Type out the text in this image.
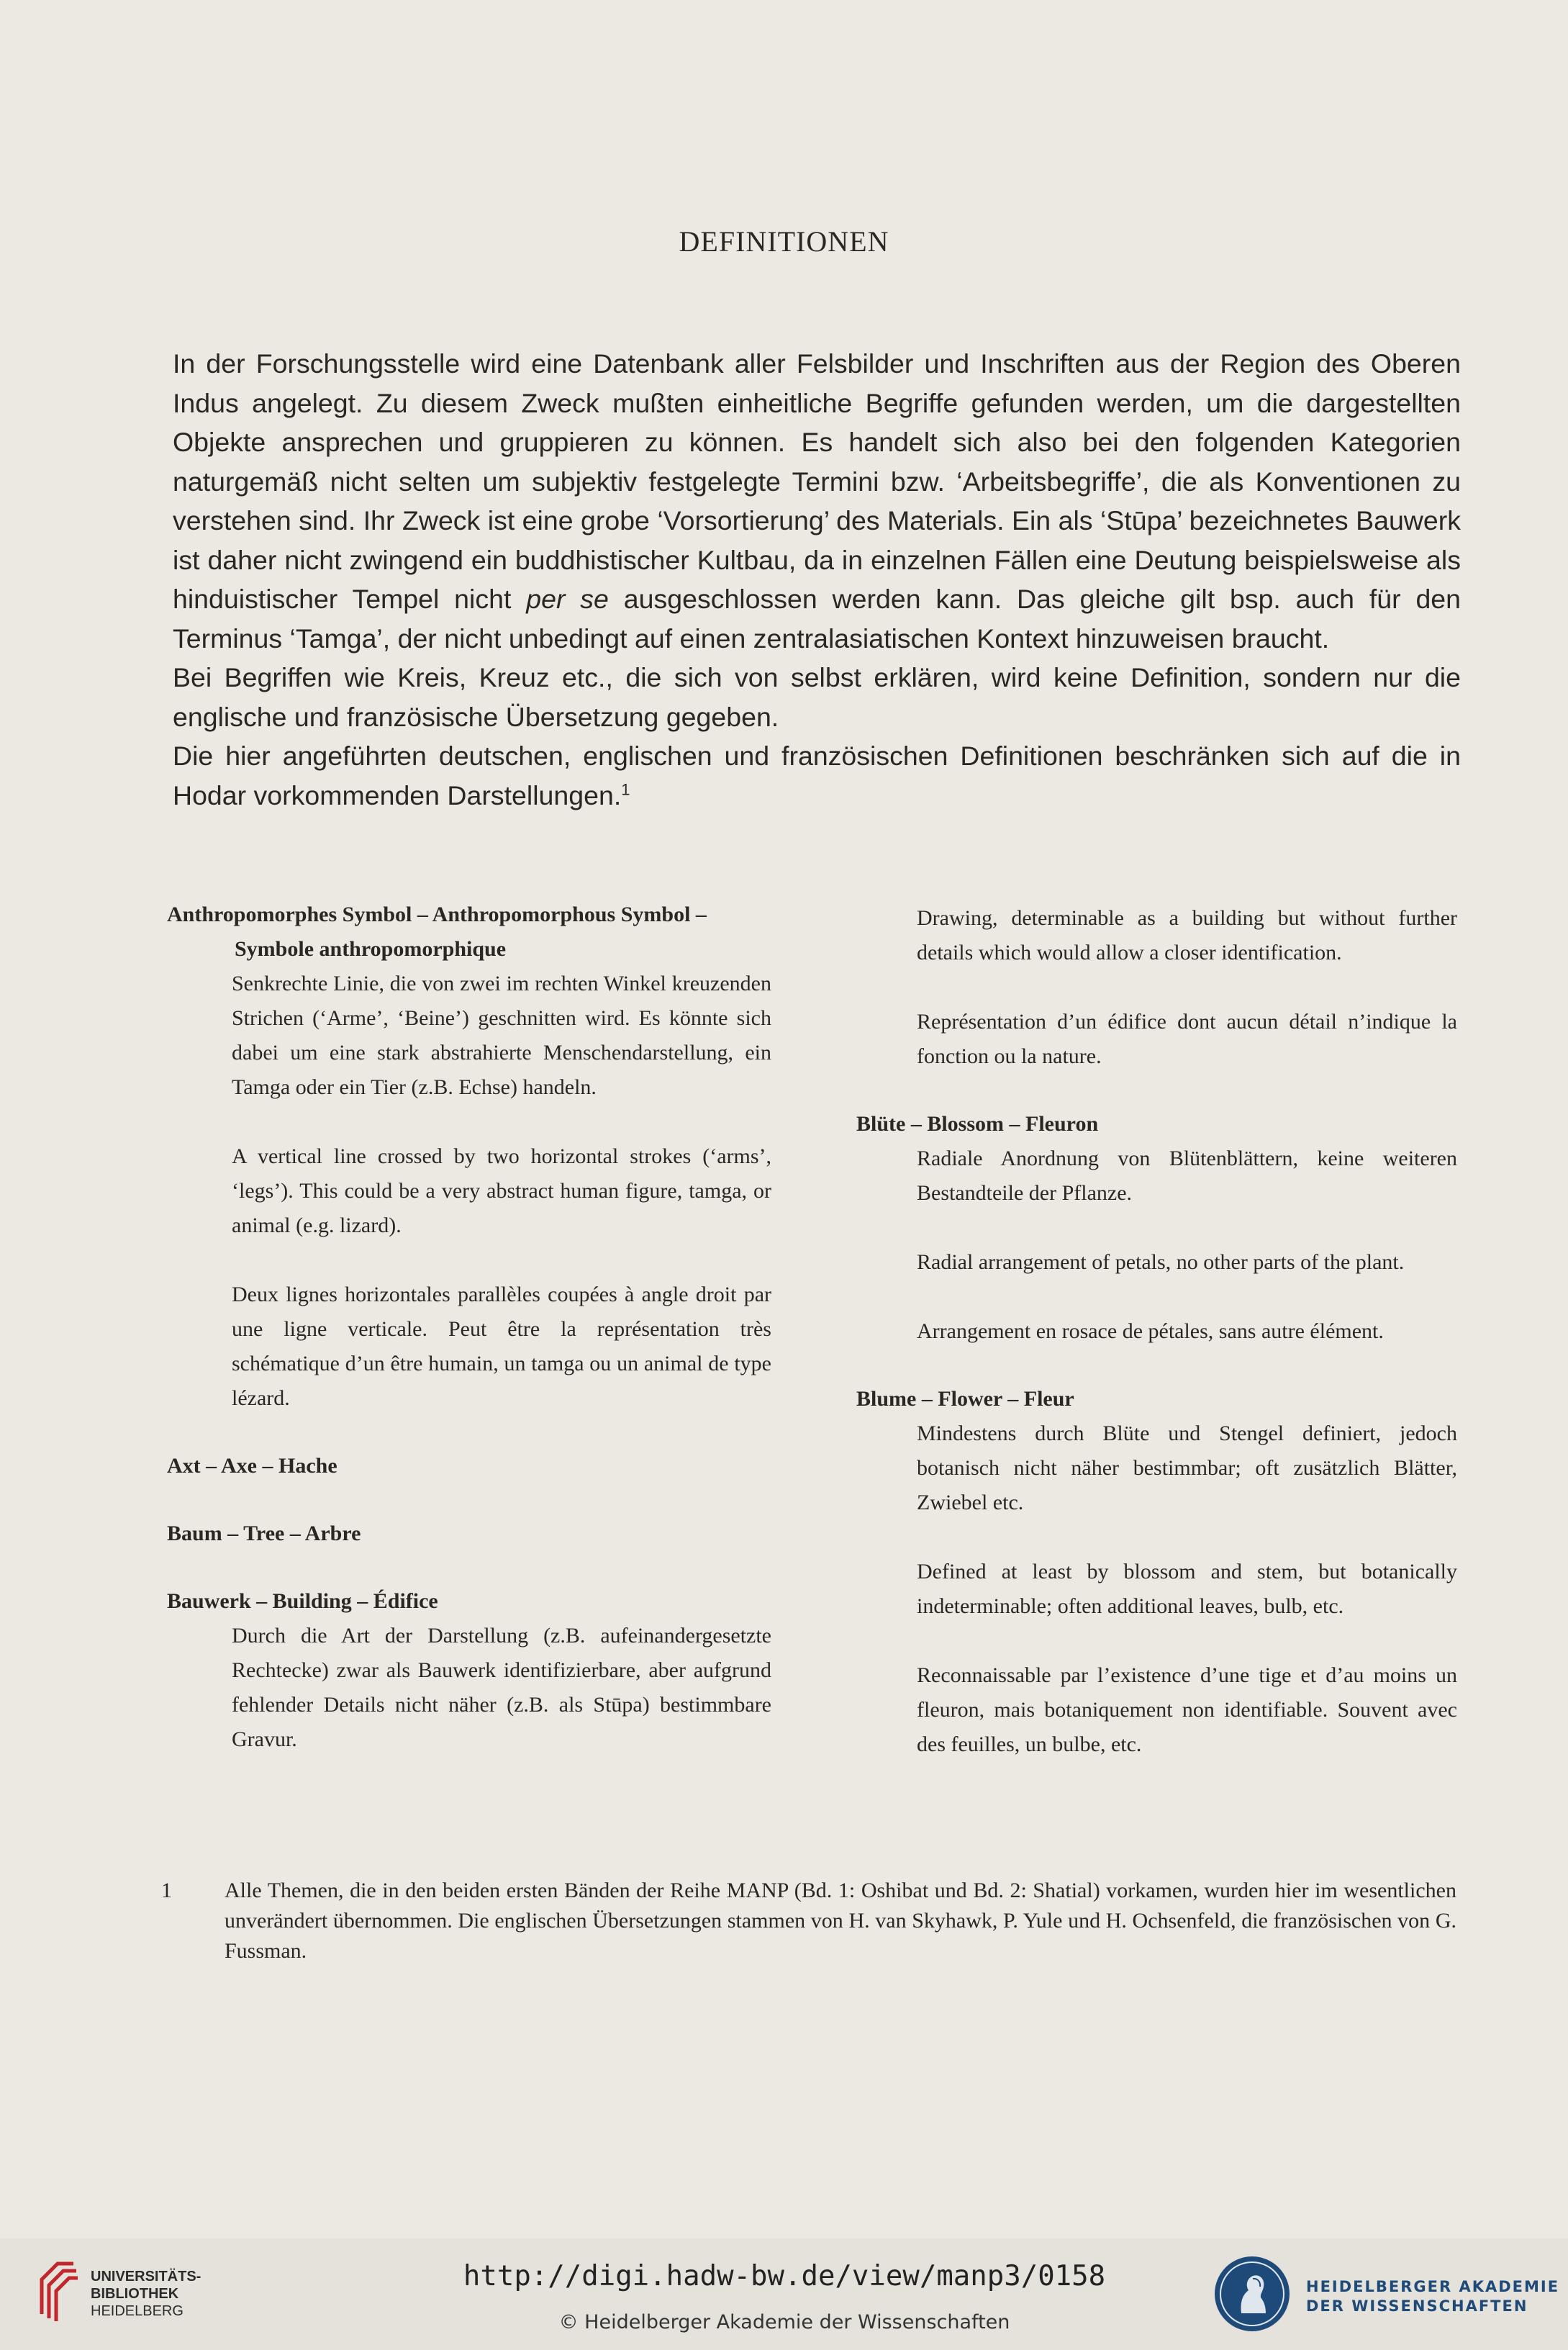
DEFINITIONEN

In der Forschungsstelle wird eine Datenbank aller Felsbilder und Inschriften aus der Region des Oberen Indus angelegt. Zu diesem Zweck mußten einheitliche Begriffe gefunden werden, um die dargestellten Objekte ansprechen und gruppieren zu können. Es handelt sich also bei den folgenden Kategorien naturgemäß nicht selten um subjektiv festgelegte Termini bzw. ‘Arbeitsbegriffe’, die als Konventionen zu verstehen sind. Ihr Zweck ist eine grobe ‘Vorsortierung’ des Materials. Ein als ‘Stūpa’ bezeichnetes Bauwerk ist daher nicht zwingend ein buddhistischer Kultbau, da in einzelnen Fällen eine Deutung beispielsweise als hinduistischer Tempel nicht per se ausgeschlossen werden kann. Das gleiche gilt bsp. auch für den Terminus ‘Tamga’, der nicht unbedingt auf einen zentralasiatischen Kontext hinzuweisen braucht.

Bei Begriffen wie Kreis, Kreuz etc., die sich von selbst erklären, wird keine Definition, sondern nur die englische und französische Übersetzung gegeben.

Die hier angeführten deutschen, englischen und französischen Definitionen beschränken sich auf die in Hodar vorkommenden Darstellungen.$^1$

Anthropomorphes Symbol – Anthropomorphous Symbol –
Symbole anthropomorphique
Senkrechte Linie, die von zwei im rechten Winkel kreuzenden Strichen (‘Arme’, ‘Beine’) geschnitten wird. Es könnte sich dabei um eine stark abstrahierte Menschendarstellung, ein Tamga oder ein Tier (z.B. Echse) handeln.
A vertical line crossed by two horizontal strokes (‘arms’, ‘legs’). This could be a very abstract human figure, tamga, or animal (e.g. lizard).
Deux lignes horizontales parallèles coupées à angle droit par une ligne verticale. Peut être la représentation très schématique d’un être humain, un tamga ou un animal de type lézard.
Axt – Axe – Hache
Baum – Tree – Arbre
Bauwerk – Building – Édifice
Durch die Art der Darstellung (z.B. aufeinandergesetzte Rechtecke) zwar als Bauwerk identifizierbare, aber aufgrund fehlender Details nicht näher (z.B. als Stūpa) bestimmbare Gravur.
Drawing, determinable as a building but without further details which would allow a closer identification.
Représentation d’un édifice dont aucun détail n’indique la fonction ou la nature.
Blüte – Blossom – Fleuron
Radiale Anordnung von Blütenblättern, keine weiteren Bestandteile der Pflanze.
Radial arrangement of petals, no other parts of the plant.
Arrangement en rosace de pétales, sans autre élément.
Blume – Flower – Fleur
Mindestens durch Blüte und Stengel definiert, jedoch botanisch nicht näher bestimmbar; oft zusätzlich Blätter, Zwiebel etc.
Defined at least by blossom and stem, but botanically indeterminable; often additional leaves, bulb, etc.
Reconnaissable par l’existence d’une tige et d’au moins un fleuron, mais botaniquement non identifiable. Souvent avec des feuilles, un bulbe, etc.
1 Alle Themen, die in den beiden ersten Bänden der Reihe MANP (Bd. 1: Oshibat und Bd. 2: Shatial) vorkamen, wurden hier im wesentlichen unverändert übernommen. Die englischen Übersetzungen stammen von H. van Skyhawk, P. Yule und H. Ochsenfeld, die französischen von G. Fussman.
UNIVERSITÄTS-
BIBLIOTHEK
HEIDELBERG
http://digi.hadw-bw.de/view/manp3/0158
© Heidelberger Akademie der Wissenschaften
HEIDELBERGER AKADEMIE
DER WISSENSCHAFTEN
